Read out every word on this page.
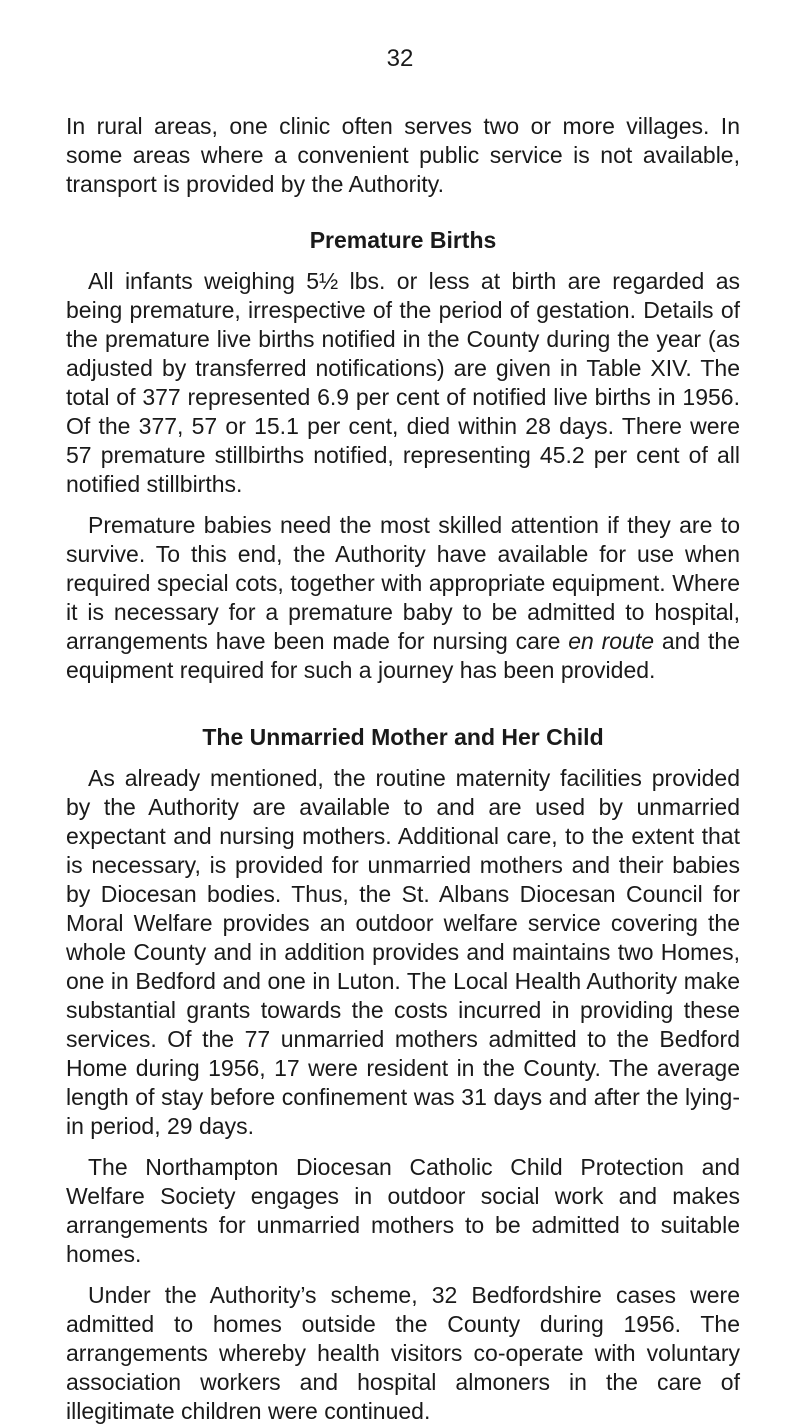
32

In rural areas, one clinic often serves two or more villages. In some areas where a convenient public service is not available, transport is provided by the Authority.

Premature Births

All infants weighing 5½ lbs. or less at birth are regarded as being premature, irrespective of the period of gestation. Details of the premature live births notified in the County during the year (as adjusted by transferred notifications) are given in Table XIV. The total of 377 represented 6.9 per cent of notified live births in 1956. Of the 377, 57 or 15.1 per cent, died within 28 days. There were 57 premature stillbirths notified, representing 45.2 per cent of all notified stillbirths.

Premature babies need the most skilled attention if they are to survive. To this end, the Authority have available for use when required special cots, together with appropriate equipment. Where it is necessary for a premature baby to be admitted to hospital, arrangements have been made for nursing care en route and the equipment required for such a journey has been provided.

The Unmarried Mother and Her Child

As already mentioned, the routine maternity facilities provided by the Authority are available to and are used by unmarried expectant and nursing mothers. Additional care, to the extent that is necessary, is provided for unmarried mothers and their babies by Diocesan bodies. Thus, the St. Albans Diocesan Council for Moral Welfare provides an outdoor welfare service covering the whole County and in addition provides and maintains two Homes, one in Bedford and one in Luton. The Local Health Authority make substantial grants towards the costs incurred in providing these services. Of the 77 unmarried mothers admitted to the Bedford Home during 1956, 17 were resident in the County. The average length of stay before confinement was 31 days and after the lying-in period, 29 days.

The Northampton Diocesan Catholic Child Protection and Welfare Society engages in outdoor social work and makes arrangements for unmarried mothers to be admitted to suitable homes.

Under the Authority’s scheme, 32 Bedfordshire cases were admitted to homes outside the County during 1956. The arrangements whereby health visitors co-operate with voluntary association workers and hospital almoners in the care of illegitimate children were continued.
